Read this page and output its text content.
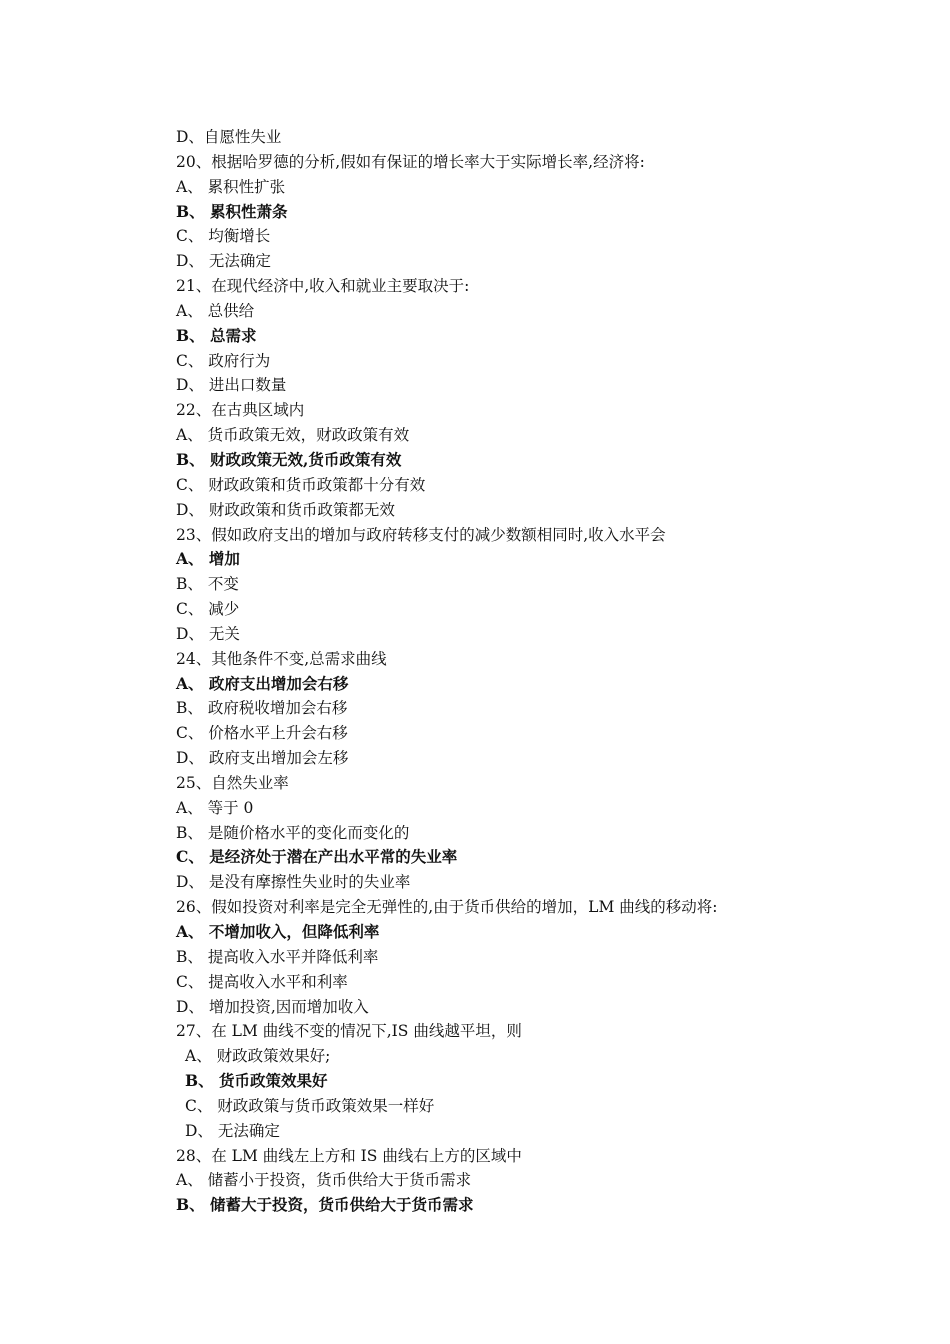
D、自愿性失业
20、根据哈罗德的分析,假如有保证的增长率大于实际增长率,经济将:
A、 累积性扩张
B、 累积性萧条
C、 均衡增长
D、 无法确定
21、在现代经济中,收入和就业主要取决于:
A、 总供给
B、 总需求
C、 政府行为
D、 进出口数量
22、在古典区域内
A、 货币政策无效，财政政策有效
B、 财政政策无效,货币政策有效
C、 财政政策和货币政策都十分有效
D、 财政政策和货币政策都无效
23、假如政府支出的增加与政府转移支付的减少数额相同时,收入水平会
A、 增加
B、 不变
C、 减少
D、 无关
24、其他条件不变,总需求曲线
A、 政府支出增加会右移
B、 政府税收增加会右移
C、 价格水平上升会右移
D、 政府支出增加会左移
25、自然失业率
A、 等于 0
B、 是随价格水平的变化而变化的
C、 是经济处于潜在产出水平常的失业率
D、 是没有摩擦性失业时的失业率
26、假如投资对利率是完全无弹性的,由于货币供给的增加，LM 曲线的移动将:
A、 不增加收入，但降低利率
B、 提高收入水平并降低利率
C、 提高收入水平和利率
D、 增加投资,因而增加收入
27、在 LM 曲线不变的情况下,IS 曲线越平坦，则
A、 财政政策效果好;
B、 货币政策效果好
C、 财政政策与货币政策效果一样好
D、 无法确定
28、在 LM 曲线左上方和 IS 曲线右上方的区域中
A、 储蓄小于投资，货币供给大于货币需求
B、 储蓄大于投资，货币供给大于货币需求
